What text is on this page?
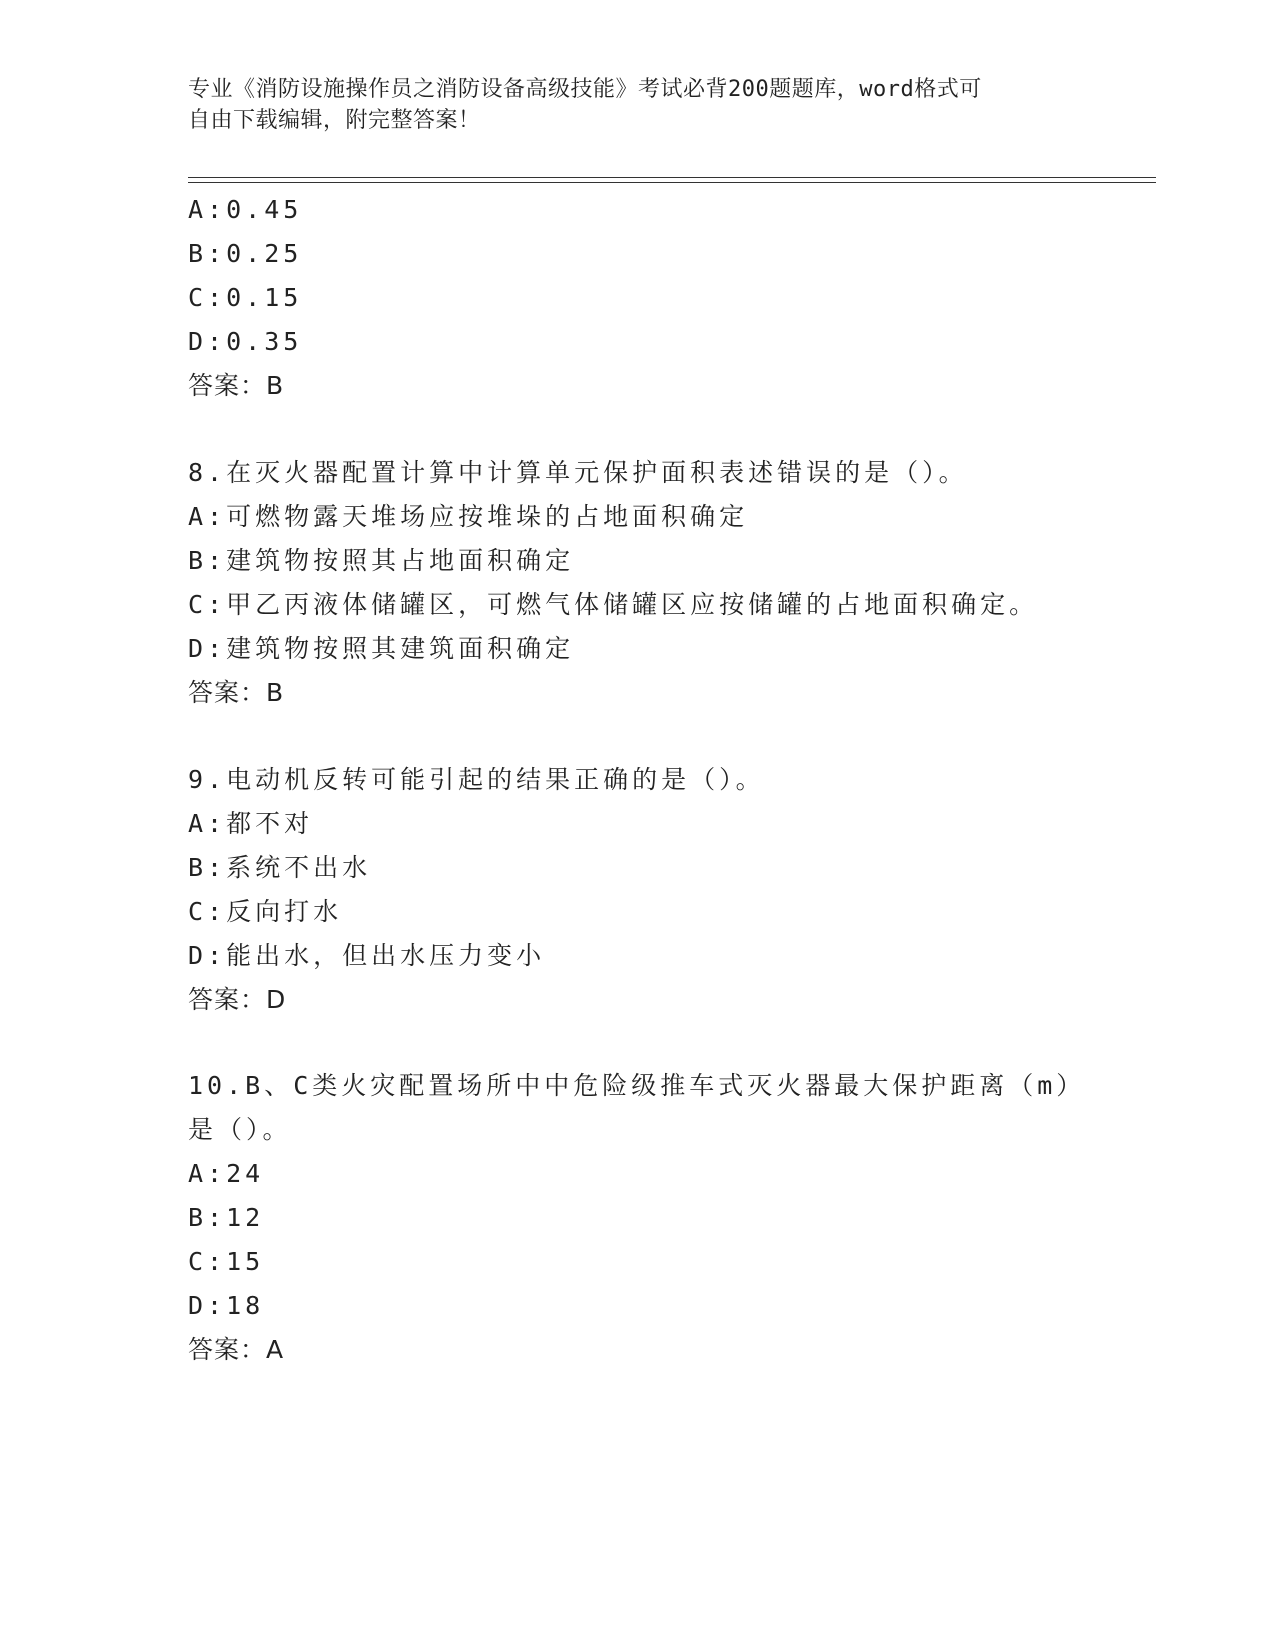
专业《消防设施操作员之消防设备高级技能》考试必背200题题库，word格式可
自由下载编辑，附完整答案！
A:0.45
B:0.25
C:0.15
D:0.35
答案：B
8.在灭火器配置计算中计算单元保护面积表述错误的是（）。
A:可燃物露天堆场应按堆垛的占地面积确定
B:建筑物按照其占地面积确定
C:甲乙丙液体储罐区，可燃气体储罐区应按储罐的占地面积确定。
D:建筑物按照其建筑面积确定
答案：B
9.电动机反转可能引起的结果正确的是（）。
A:都不对
B:系统不出水
C:反向打水
D:能出水，但出水压力变小
答案：D
10.B、C类火灾配置场所中中危险级推车式灭火器最大保护距离（m）
是（）。
A:24
B:12
C:15
D:18
答案：A
